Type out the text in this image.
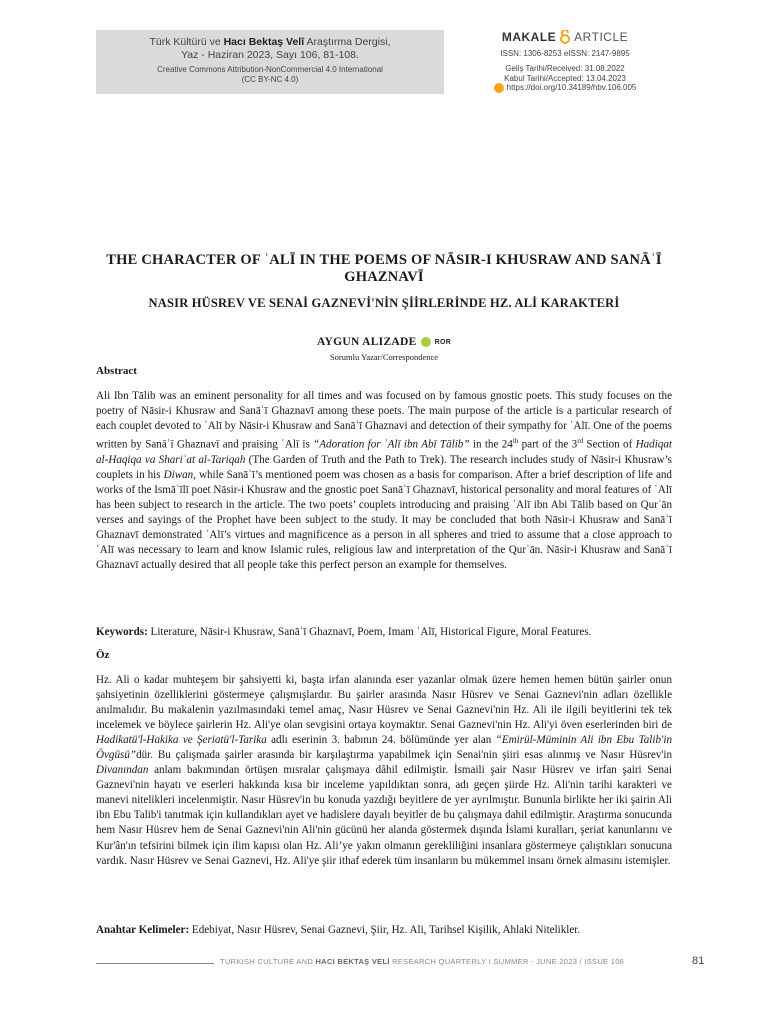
Türk Kültürü ve Hacı Bektaş Velî Araştırma Dergisi,
Yaz - Haziran 2023, Sayı 106, 81-108.
Creative Commons Attribution-NonCommercial 4.0 International
(CC BY-NC 4.0)
MAKALE ARTICLE
ISSN: 1306-8253 eISSN: 2147-9895
Geliş Tarihi/Received: 31.08.2022
Kabul Tarihi/Accepted: 13.04.2023
https://doi.org/10.34189/hbv.106.005
THE CHARACTER OF ʿALĪ IN THE POEMS OF NĀSIR-I KHUSRAW AND SANĀʾĪ GHAZNAVĪ
NASIR HÜSREV VE SENAİ GAZNEVİ'NİN ŞİİRLERİNDE HZ. ALİ KARAKTERİ
AYGUN ALIZADE	ROR
Sorumlu Yazar/Correspondence
Abstract

Ali Ibn Tālib was an eminent personality for all times and was focused on by famous gnostic poets. This study focuses on the poetry of Nāsir-i Khusraw and Sanāʾī Ghaznavī among these poets. The main purpose of the article is a particular research of each couplet devoted to ʿAlī by Nāsir-i Khusraw and Sanāʾī Ghaznavi and detection of their sympathy for ʿAlī. One of the poems written by Sanāʾī Ghaznavī and praising ʿAlī is “Adoration for ʿAlī ibn Abī Tālib” in the 24th part of the 3rd Section of Hadiqat al-Haqiqa va Shariʿat al-Tariqah (The Garden of Truth and the Path to Trek). The research includes study of Nāsir-i Khusraw’s couplets in his Diwan, while Sanāʾī’s mentioned poem was chosen as a basis for comparison. After a brief description of life and works of the Ismāʿīlī poet Nāsir-i Khusraw and the gnostic poet Sanāʾī Ghaznavī, historical personality and moral features of ʿAlī has been subject to research in the article. The two poets’ couplets introducing and praising ʿAlī ibn Abi Tālib based on Qurʾān verses and sayings of the Prophet have been subject to the study. It may be concluded that both Nāsir-i Khusraw and Sanāʾī Ghaznavī demonstrated ʿAlī’s virtues and magnificence as a person in all spheres and tried to assume that a close approach to ʿAlī was necessary to learn and know Islamic rules, religious law and interpretation of the Qurʾān. Nāsir-i Khusraw and Sanāʾī Ghaznavī actually desired that all people take this perfect person an example for themselves.

Keywords: Literature, Nāsir-i Khusraw, Sanāʾī Ghaznavī, Poem, Imam ʿAlī, Historical Figure, Moral Features.

Öz

Hz. Ali o kadar muhteşem bir şahsiyetti ki, başta irfan alanında eser yazanlar olmak üzere hemen hemen bütün şairler onun şahsiyetinin özelliklerini göstermeye çalışmışlardır. Bu şairler arasında Nasır Hüsrev ve Senai Gaznevi'nin adları özellikle anılmalıdır. Bu makalenin yazılmasındaki temel amaç, Nasır Hüsrev ve Senai Gaznevi'nin Hz. Ali ile ilgili beyitlerini tek tek incelemek ve böylece şairlerin Hz. Ali'ye olan sevgisini ortaya koymaktır. Senai Gaznevi'nin Hz. Ali'yi öven eserlerinden biri de Hadikatü'l-Hakika ve Şeriatü'l-Tarika adlı eserinin 3. babının 24. bölümünde yer alan “Emirül-Müminin Ali ibn Ebu Talib'in Övgüsü”dür. Bu çalışmada şairler arasında bir karşılaştırma yapabilmek için Senai'nin şiiri esas alınmış ve Nasır Hüsrev'in Divanından anlam bakımından örtüşen mısralar çalışmaya dâhil edilmiştir. İsmaili şair Nasır Hüsrev ve irfan şairi Senai Gaznevi'nin hayatı ve eserleri hakkında kısa bir inceleme yapıldıktan sonra, adı geçen şiirde Hz. Ali'nin tarihi karakteri ve manevi nitelikleri incelenmiştir. Nasır Hüsrev'in bu konuda yazdığı beyitlere de yer ayrılmıştır. Bununla birlikte her iki şairin Ali ibn Ebu Talib'i tanıtmak için kullandıkları ayet ve hadislere dayalı beyitler de bu çalışmaya dahil edilmiştir. Araştırma sonucunda hem Nasır Hüsrev hem de Senai Gaznevi'nin Ali'nin gücünü her alanda göstermek dışında İslami kuralları, şeriat kanunlarını ve Kur'ân'ın tefsirini bilmek için ilim kapısı olan Hz. Ali’ye yakın olmanın gerekliliğini insanlara göstermeye çalıştıkları sonucuna vardık. Nasır Hüsrev ve Senai Gaznevi, Hz. Ali'ye şiir ithaf ederek tüm insanların bu mükemmel insanı örnek almasını istemişler.

Anahtar Kelimeler: Edebiyat, Nasır Hüsrev, Senai Gaznevi, Şiir, Hz. Ali, Tarihsel Kişilik, Ahlaki Nitelikler.

TURKISH CULTURE AND HACI BEKTAŞ VELİ RESEARCH QUARTERLY I SUMMER - JUNE 2023 / ISSUE 106	81
